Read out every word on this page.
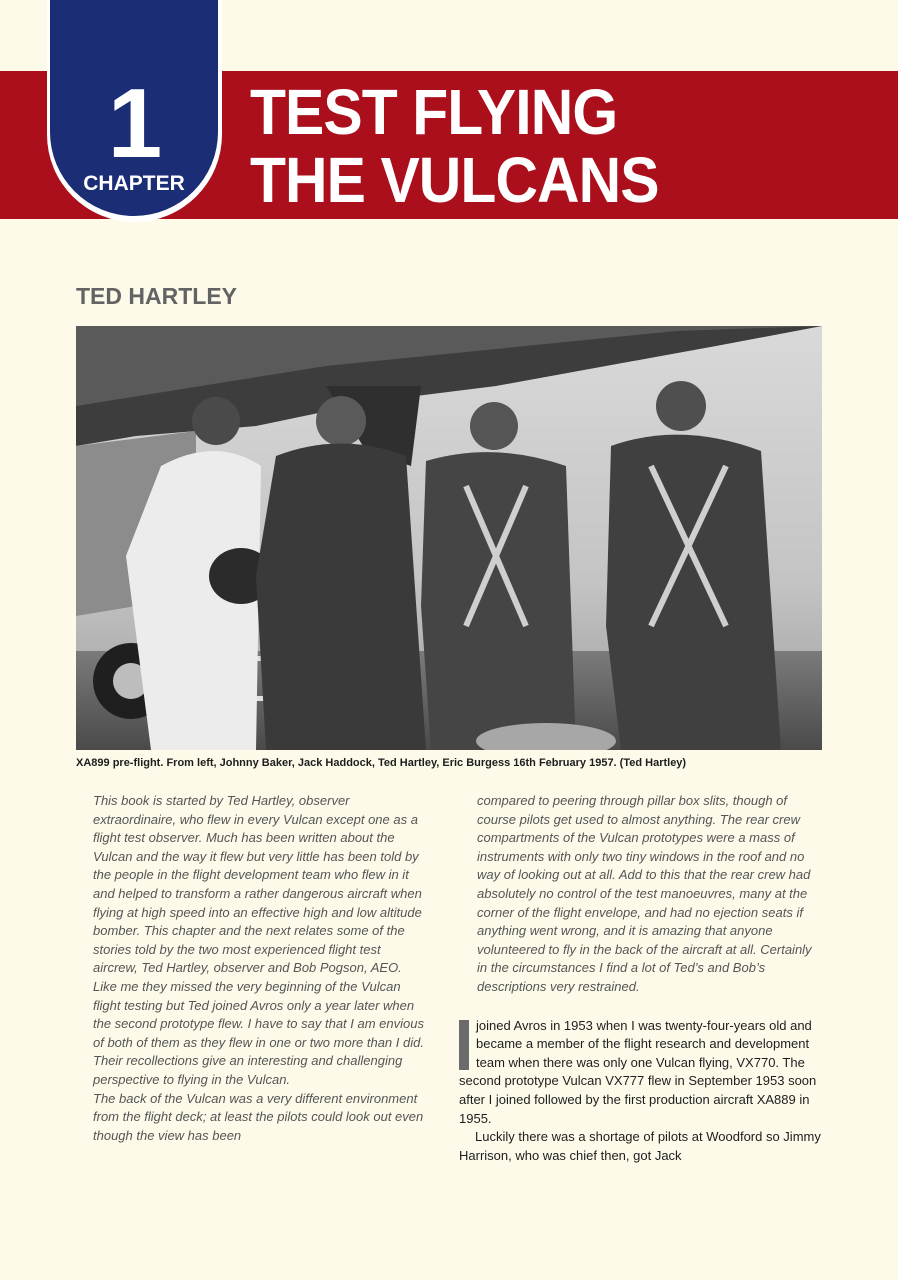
1
CHAPTER
TEST FLYING
THE VULCANS
TED HARTLEY
XA899 pre-flight. From left, Johnny Baker, Jack Haddock, Ted Hartley, Eric Burgess 16th February 1957. (Ted Hartley)

This book is started by Ted Hartley, observer extraordinaire, who flew in every Vulcan except one as a flight test observer. Much has been written about the Vulcan and the way it flew but very little has been told by the people in the flight development team who flew in it and helped to transform a rather dangerous aircraft when flying at high speed into an effective high and low altitude bomber. This chapter and the next relates some of the stories told by the two most experienced flight test aircrew, Ted Hartley, observer and Bob Pogson, AEO. Like me they missed the very beginning of the Vulcan flight testing but Ted joined Avros only a year later when the second prototype flew. I have to say that I am envious of both of them as they flew in one or two more than I did. Their recollections give an interesting and challenging perspective to flying in the Vulcan.

The back of the Vulcan was a very different environment from the flight deck; at least the pilots could look out even though the view has been

compared to peering through pillar box slits, though of course pilots get used to almost anything. The rear crew compartments of the Vulcan prototypes were a mass of instruments with only two tiny windows in the roof and no way of looking out at all. Add to this that the rear crew had absolutely no control of the test manoeuvres, many at the corner of the flight envelope, and had no ejection seats if anything went wrong, and it is amazing that anyone volunteered to fly in the back of the aircraft at all. Certainly in the circumstances I find a lot of Ted’s and Bob’s descriptions very restrained.

joined Avros in 1953 when I was twenty-four-years old and became a member of the flight research and development team when there was only one Vulcan flying, VX770. The second prototype Vulcan VX777 flew in September 1953 soon after I joined followed by the first production aircraft XA889 in 1955.

Luckily there was a shortage of pilots at Woodford so Jimmy Harrison, who was chief then, got Jack
